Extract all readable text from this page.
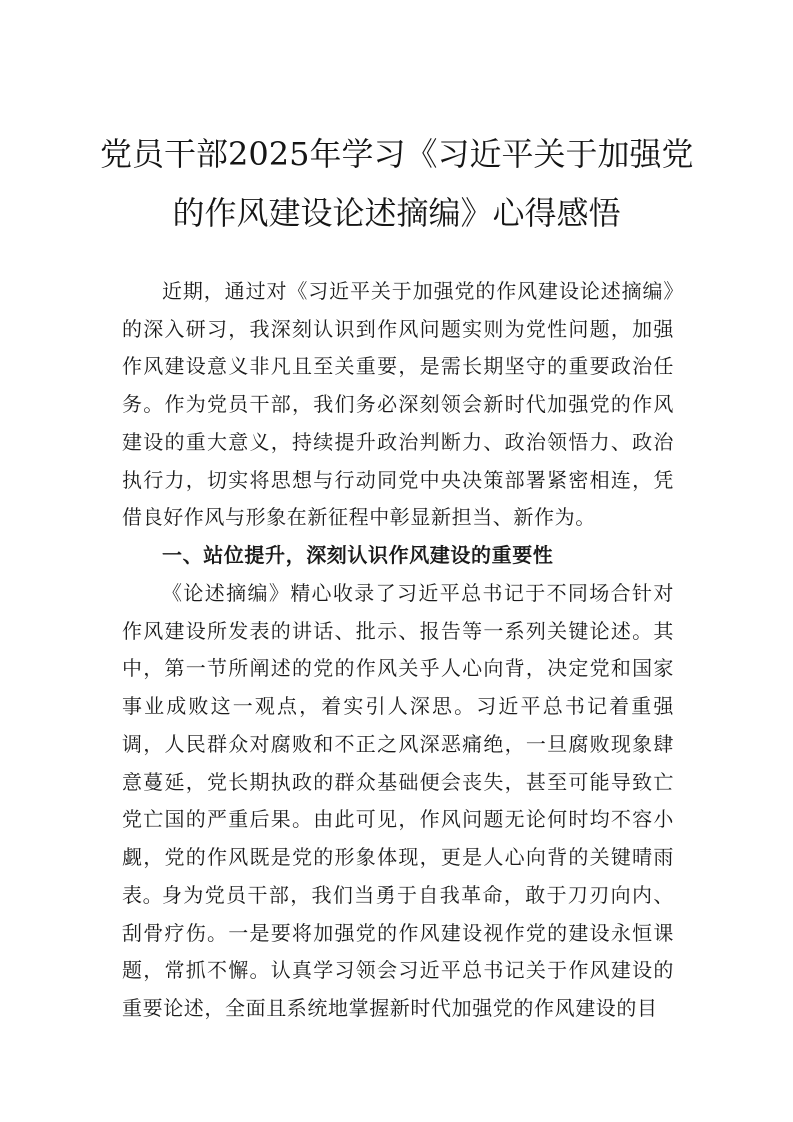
党员干部2025年学习《习近平关于加强党
的作风建设论述摘编》心得感悟

近期，通过对《习近平关于加强党的作风建设论述摘编》的深入研习，我深刻认识到作风问题实则为党性问题，加强作风建设意义非凡且至关重要，是需长期坚守的重要政治任务。作为党员干部，我们务必深刻领会新时代加强党的作风建设的重大意义，持续提升政治判断力、政治领悟力、政治执行力，切实将思想与行动同党中央决策部署紧密相连，凭借良好作风与形象在新征程中彰显新担当、新作为。

一、站位提升，深刻认识作风建设的重要性

《论述摘编》精心收录了习近平总书记于不同场合针对作风建设所发表的讲话、批示、报告等一系列关键论述。其中，第一节所阐述的党的作风关乎人心向背，决定党和国家事业成败这一观点，着实引人深思。习近平总书记着重强调，人民群众对腐败和不正之风深恶痛绝，一旦腐败现象肆意蔓延，党长期执政的群众基础便会丧失，甚至可能导致亡党亡国的严重后果。由此可见，作风问题无论何时均不容小觑，党的作风既是党的形象体现，更是人心向背的关键晴雨表。

身为党员干部，我们当勇于自我革命，敢于刀刃向内、刮骨疗伤。一是要将加强党的作风建设视作党的建设永恒课题，常抓不懈。认真学习领会习近平总书记关于作风建设的重要论述，全面且系统地掌握新时代加强党的作风建设的目
